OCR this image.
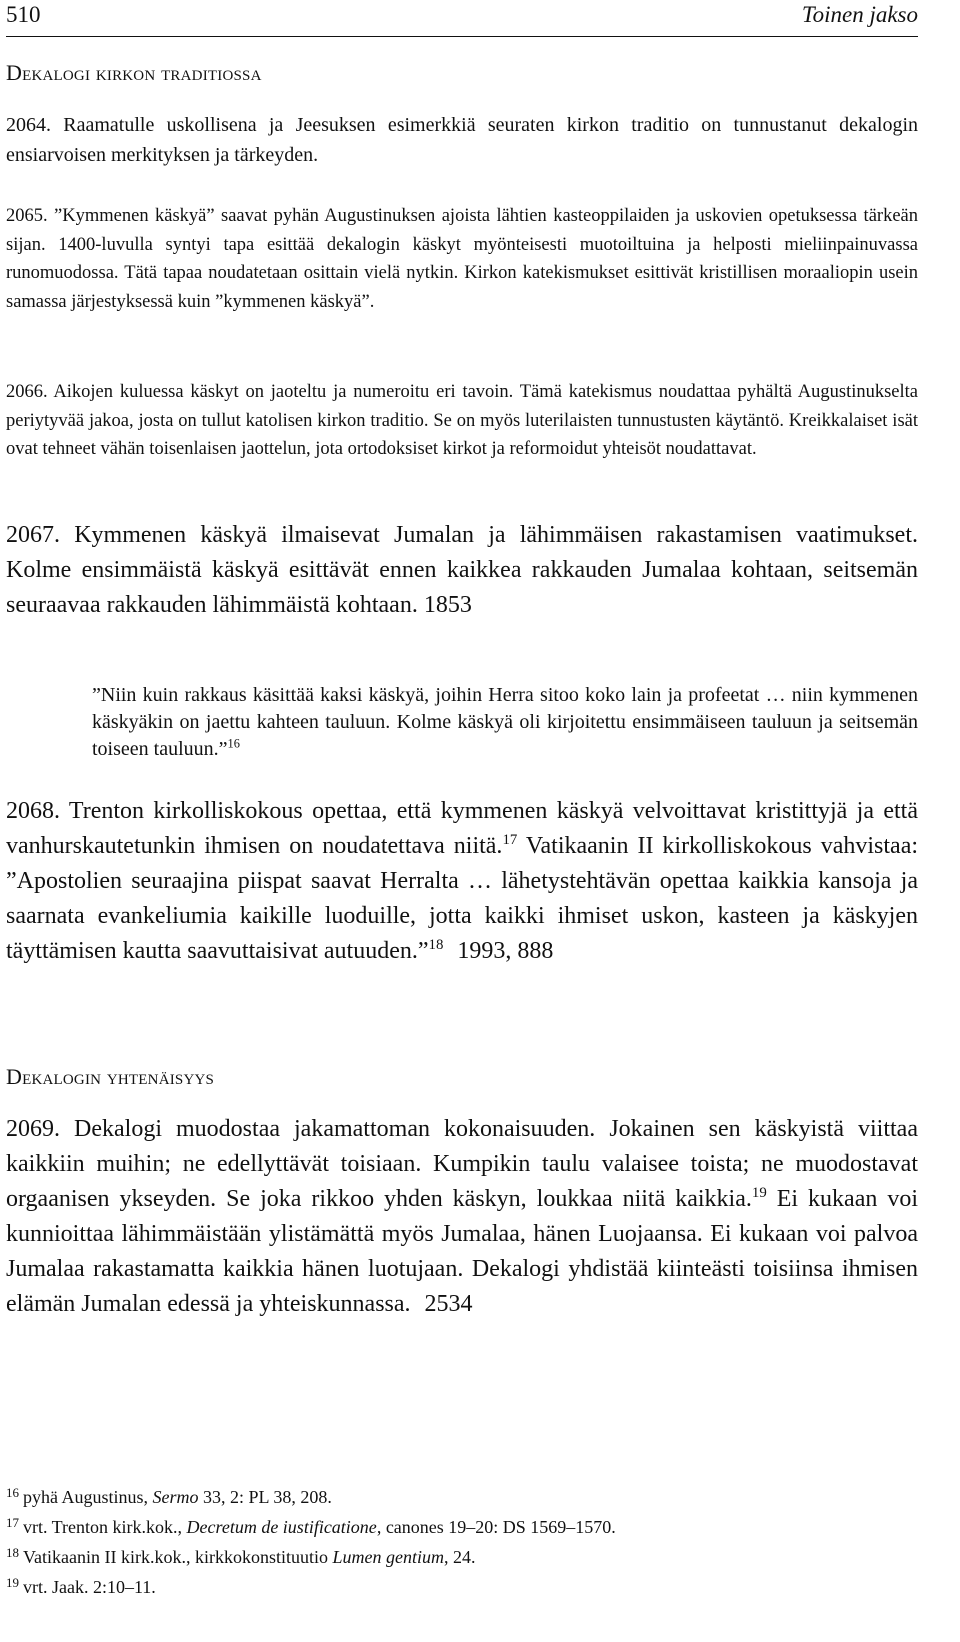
510	Toinen jakso
Dekalogi kirkon traditiossa

2064. Raamatulle uskollisena ja Jeesuksen esimerkkiä seuraten kirkon traditio on tunnustanut dekalogin ensiarvoisen merkityksen ja tärkeyden.

2065. ”Kymmenen käskyä” saavat pyhän Augustinuksen ajoista lähtien kasteoppilaiden ja uskovien opetuksessa tärkeän sijan. 1400-luvulla syntyi tapa esittää dekalogin käskyt myönteisesti muotoiltuina ja helposti mieliinpainuvassa runomuodossa. Tätä tapaa noudatetaan osittain vielä nytkin. Kirkon katekismukset esittivät kristillisen moraaliopin usein samassa järjestyksessä kuin ”kymmenen käskyä”.

2066. Aikojen kuluessa käskyt on jaoteltu ja numeroitu eri tavoin. Tämä katekismus noudattaa pyhältä Augustinukselta periytyvää jakoa, josta on tullut katolisen kirkon traditio. Se on myös luterilaisten tunnustusten käytäntö. Kreikkalaiset isät ovat tehneet vähän toisenlaisen jaottelun, jota ortodoksiset kirkot ja reformoidut yhteisöt noudattavat.

2067. Kymmenen käskyä ilmaisevat Jumalan ja lähimmäisen rakastamisen vaatimukset. Kolme ensimmäistä käskyä esittävät ennen kaikkea rakkauden Jumalaa kohtaan, seitsemän seuraavaa rakkauden lähimmäistä kohtaan. 1853

”Niin kuin rakkaus käsittää kaksi käskyä, joihin Herra sitoo koko lain ja profeetat … niin kymmenen käskyäkin on jaettu kahteen tauluun. Kolme käskyä oli kirjoitettu ensimmäiseen tauluun ja seitsemän toiseen tauluun.”$^{16}$

2068. Trenton kirkolliskokous opettaa, että kymmenen käskyä velvoittavat kristittyjä ja että vanhurskautetunkin ihmisen on noudatettava niitä.$^{17}$ Vatikaanin II kirkolliskokous vahvistaa: ”Apostolien seuraajina piispat saavat Herralta … lähetystehtävän opettaa kaikkia kansoja ja saarnata evankeliumia kaikille luoduille, jotta kaikki ihmiset uskon, kasteen ja käskyjen täyttämisen kautta saavuttaisivat autuuden.”$^{18}$ 1993, 888

Dekalogin yhtenäisyys

2069. Dekalogi muodostaa jakamattoman kokonaisuuden. Jokainen sen käskyistä viittaa kaikkiin muihin; ne edellyttävät toisiaan. Kumpikin taulu valaisee toista; ne muodostavat orgaanisen ykseyden. Se joka rikkoo yhden käskyn, loukkaa niitä kaikkia.$^{19}$ Ei kukaan voi kunnioittaa lähimmäistään ylistämättä myös Jumalaa, hänen Luojaansa. Ei kukaan voi palvoa Jumalaa rakastamatta kaikkia hänen luotujaan. Dekalogi yhdistää kiinteästi toisiinsa ihmisen elämän Jumalan edessä ja yhteiskunnassa. 2534

$^{16}$ pyhä Augustinus, Sermo 33, 2: PL 38, 208.
$^{17}$ vrt. Trenton kirk.kok., Decretum de iustificatione, canones 19–20: DS 1569–1570.
$^{18}$ Vatikaanin II kirk.kok., kirkkokonstituutio Lumen gentium, 24.
$^{19}$ vrt. Jaak. 2:10–11.
